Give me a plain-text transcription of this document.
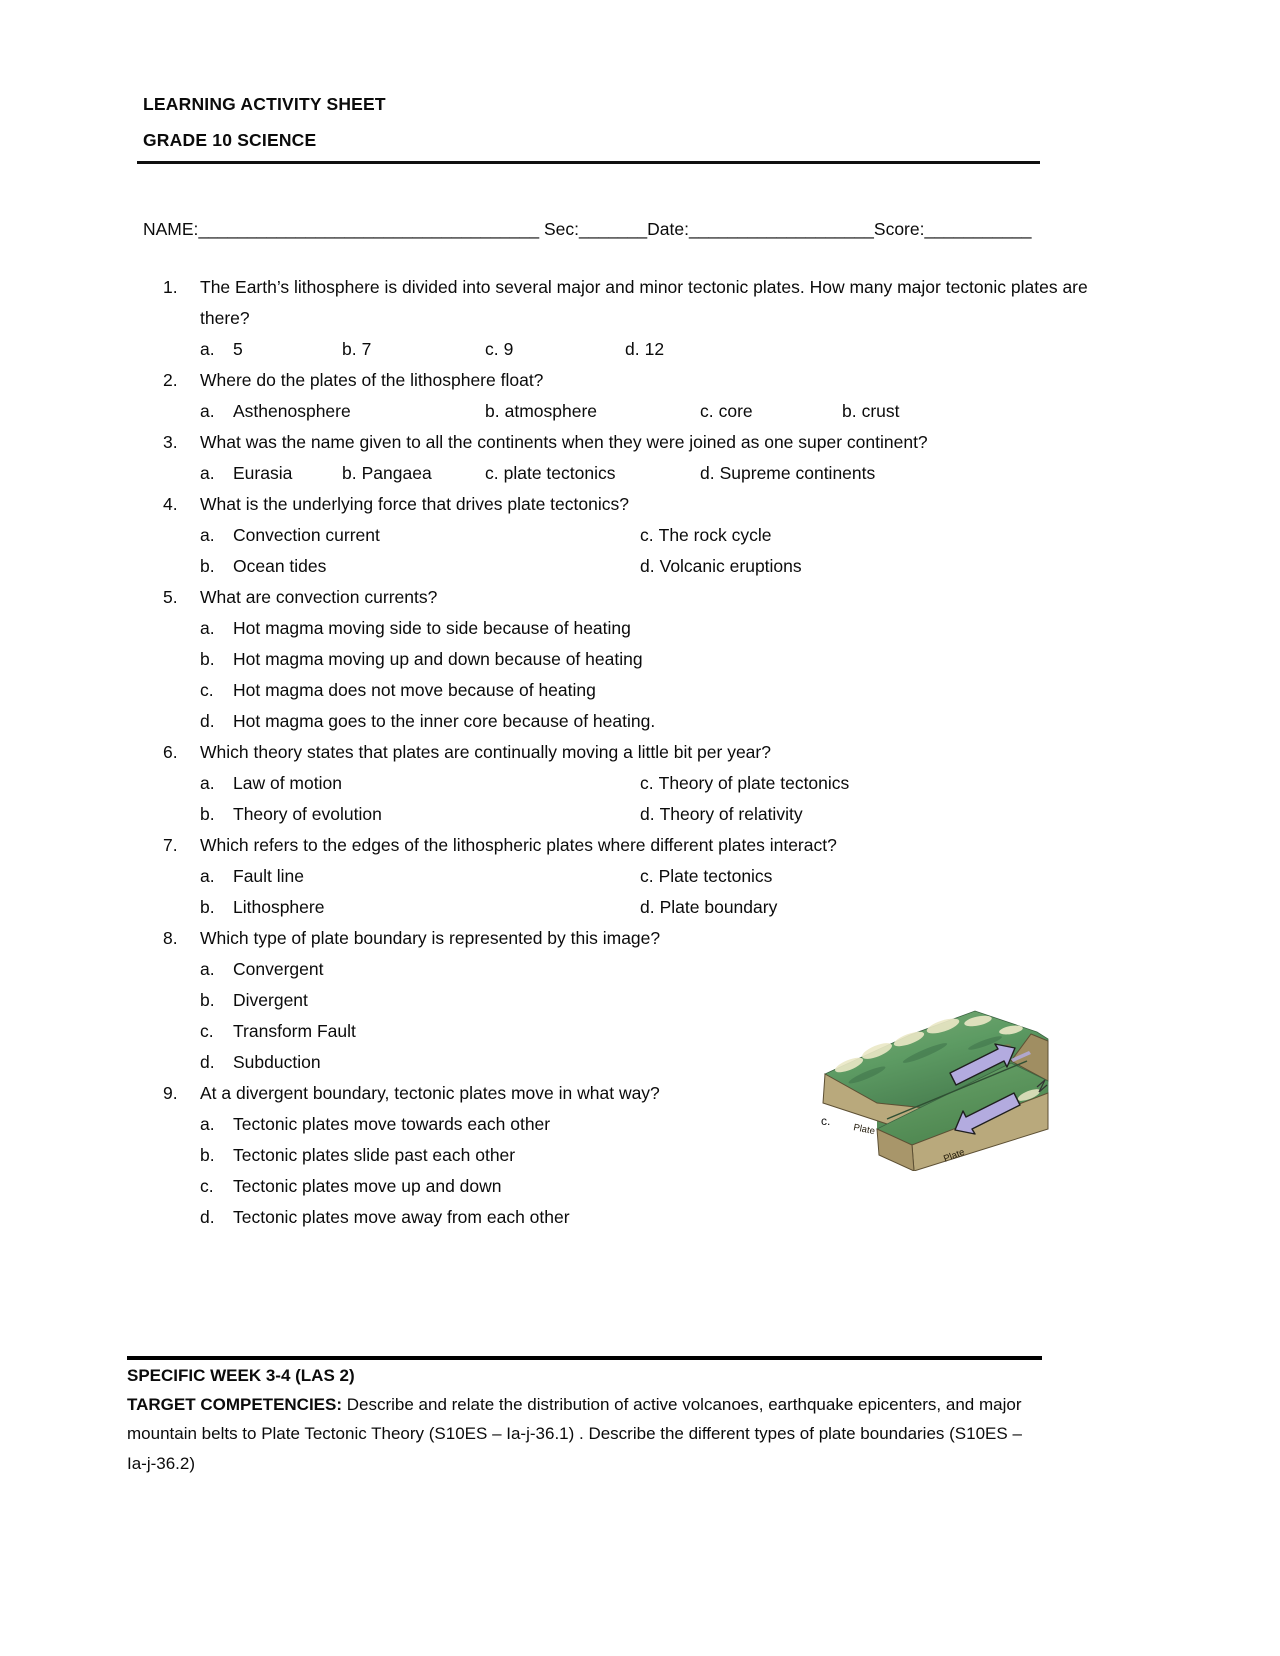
LEARNING ACTIVITY SHEET
GRADE 10 SCIENCE
NAME:___________________________________ Sec:_______Date:___________________Score:___________
1.	The Earth’s lithosphere is divided into several major and minor tectonic plates. How many major tectonic plates are there?
a. 5	b. 7	c. 9	d. 12
2.	Where do the plates of the lithosphere float?
a. Asthenosphere	b. atmosphere	c. core	b. crust
3.	What was the name given to all the continents when they were joined as one super continent?
a. Eurasia	b. Pangaea	c. plate tectonics	d. Supreme continents
4.	What is the underlying force that drives plate tectonics?
a. Convection current	c. The rock cycle
b. Ocean tides	d. Volcanic eruptions
5.	What are convection currents?
a. Hot magma moving side to side because of heating
b. Hot magma moving up and down because of heating
c. Hot magma does not move because of heating
d. Hot magma goes to the inner core because of heating.
6.	Which theory states that plates are continually moving a little bit per year?
a. Law of motion	c. Theory of plate tectonics
b. Theory of evolution	d. Theory of relativity
7.	Which refers to the edges of the lithospheric plates where different plates interact?
a. Fault line	c. Plate tectonics
b. Lithosphere	d. Plate boundary
8.	Which type of plate boundary is represented by this image?
a. Convergent
b. Divergent
c. Transform Fault
d. Subduction
9.	At a divergent boundary, tectonic plates move in what way?
a. Tectonic plates move towards each other
b. Tectonic plates slide past each other
c. Tectonic plates move up and down
d. Tectonic plates move away from each other
c.
Plate
Plate
SPECIFIC WEEK 3-4 (LAS 2)
TARGET COMPETENCIES: Describe and relate the distribution of active volcanoes, earthquake epicenters, and major mountain belts to Plate Tectonic Theory (S10ES – Ia-j-36.1) . Describe the different types of plate boundaries (S10ES – Ia-j-36.2)
